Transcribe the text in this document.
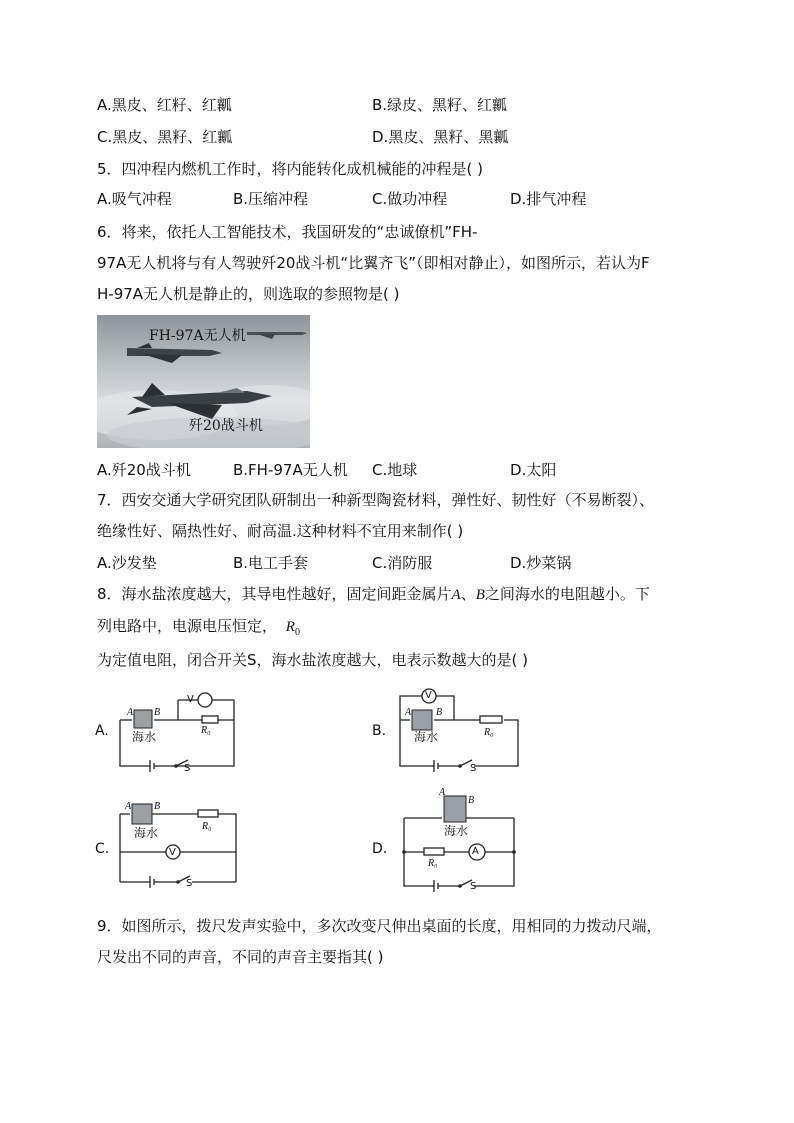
A.黑皮、红籽、红瓤	B.绿皮、黑籽、红瓤
C.黑皮、黑籽、红瓤	D.黑皮、黑籽、黑瓤
5．四冲程内燃机工作时，将内能转化成机械能的冲程是( )
A.吸气冲程	B.压缩冲程	C.做功冲程	D.排气冲程
6．将来，依托人工智能技术，我国研发的“忠诚僚机”FH-
97A无人机将与有人驾驶歼20战斗机“比翼齐飞”（即相对静止），如图所示，若认为F
H-97A无人机是静止的，则选取的参照物是( )
FH-97A无人机
歼20战斗机
A.歼20战斗机	B.FH-97A无人机 C.地球	D.太阳
7．西安交通大学研究团队研制出一种新型陶瓷材料，弹性好、韧性好（不易断裂）、
绝缘性好、隔热性好、耐高温.这种材料不宜用来制作( )
A.沙发垫	B.电工手套	C.消防服	D.炒菜锅
8．海水盐浓度越大，其导电性越好，固定间距金属片A、B之间海水的电阻越小。下
列电路中，电源电压恒定， $R_0$
为定值电阻，闭合开关S，海水盐浓度越大，电表示数越大的是( )
A.
V
A B
海水	R₀
S
B.
V
A B
海水	R₀
S
C.	V
A B
海水	R₀
S
D.	A
A
B
海水
R₀
S
9．如图所示，拨尺发声实验中，多次改变尺伸出桌面的长度，用相同的力拨动尺端，
尺发出不同的声音，不同的声音主要指其( )
